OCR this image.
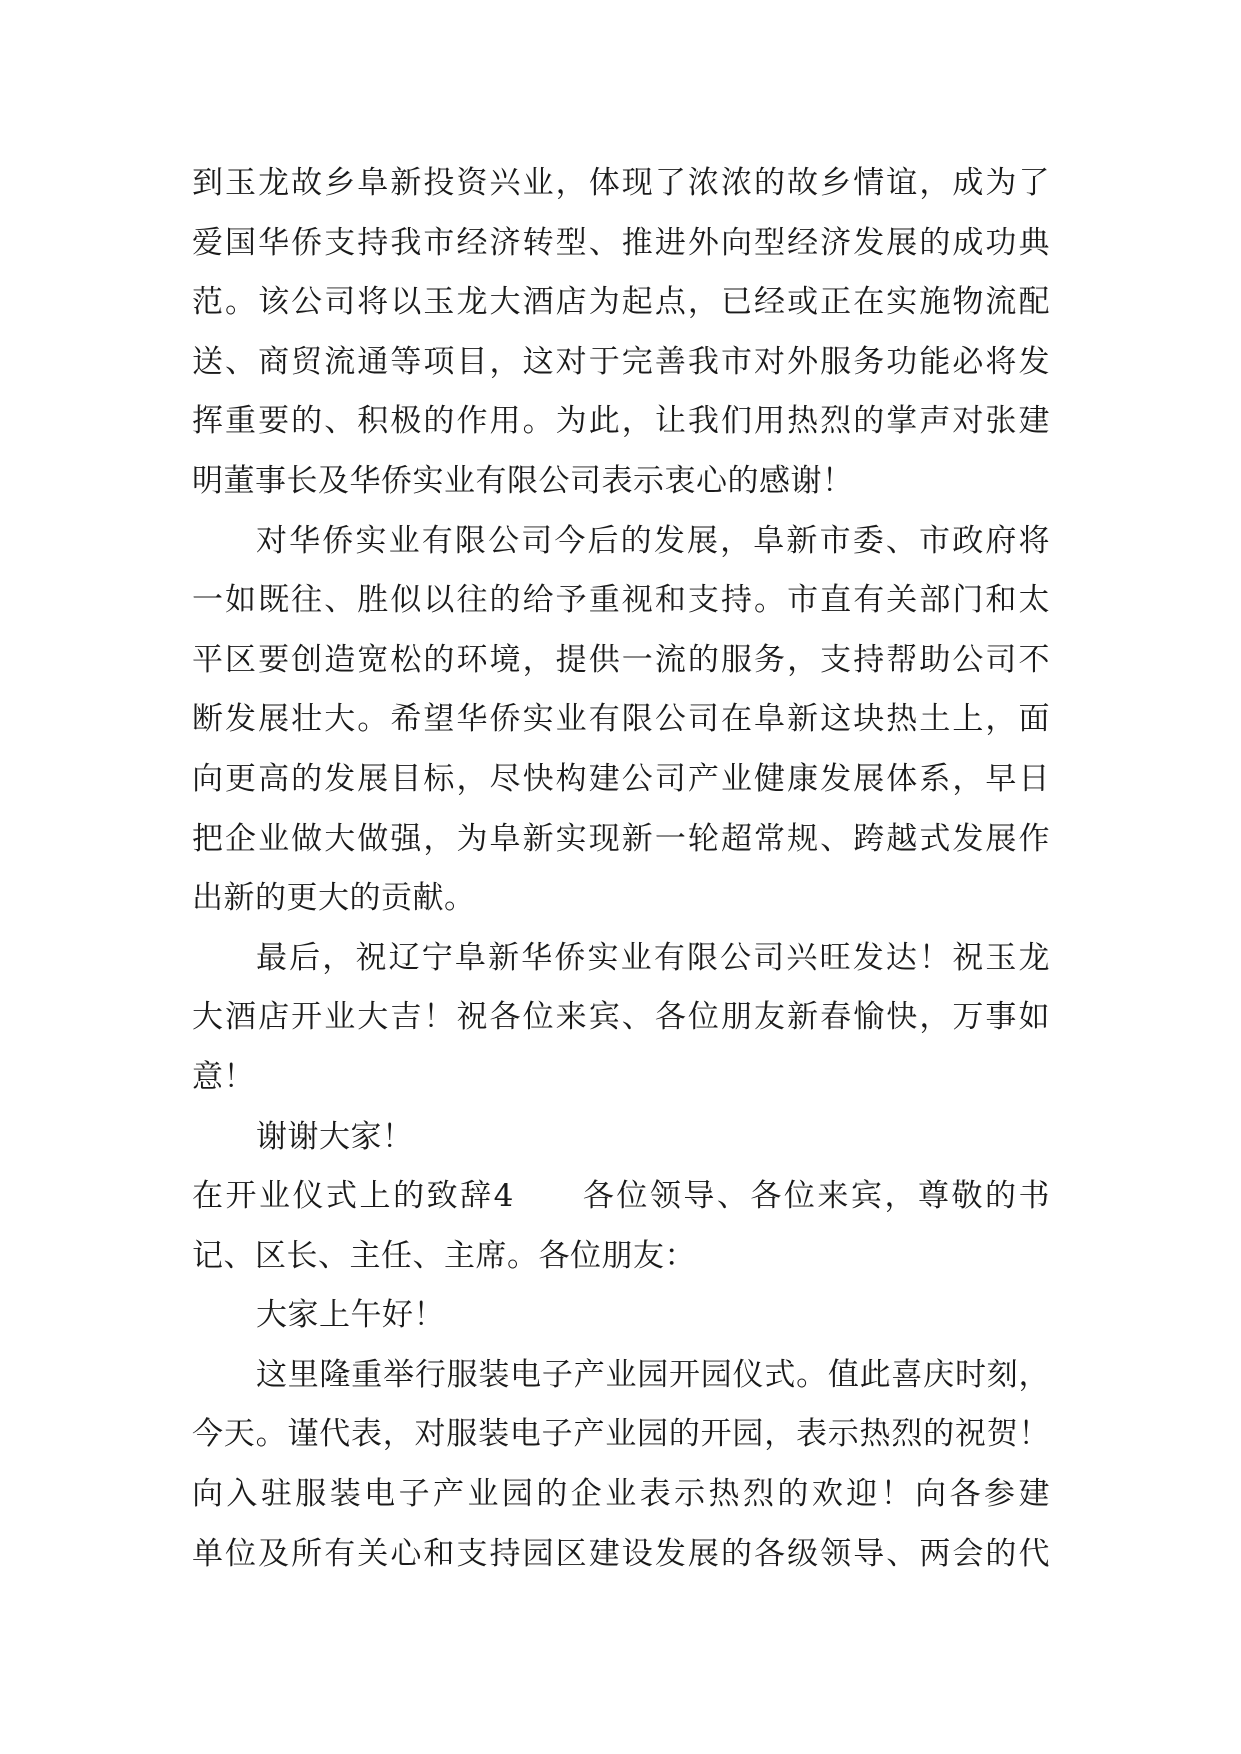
到玉龙故乡阜新投资兴业，体现了浓浓的故乡情谊，成为了
爱国华侨支持我市经济转型、推进外向型经济发展的成功典
范。该公司将以玉龙大酒店为起点，已经或正在实施物流配
送、商贸流通等项目，这对于完善我市对外服务功能必将发
挥重要的、积极的作用。为此，让我们用热烈的掌声对张建
明董事长及华侨实业有限公司表示衷心的感谢！
对华侨实业有限公司今后的发展，阜新市委、市政府将
一如既往、胜似以往的给予重视和支持。市直有关部门和太
平区要创造宽松的环境，提供一流的服务，支持帮助公司不
断发展壮大。希望华侨实业有限公司在阜新这块热土上，面
向更高的发展目标，尽快构建公司产业健康发展体系，早日
把企业做大做强，为阜新实现新一轮超常规、跨越式发展作
出新的更大的贡献。
最后，祝辽宁阜新华侨实业有限公司兴旺发达！祝玉龙
大酒店开业大吉！祝各位来宾、各位朋友新春愉快，万事如
意！
谢谢大家！
在开业仪式上的致辞4　　各位领导、各位来宾，尊敬的书
记、区长、主任、主席。各位朋友：
大家上午好！
这里隆重举行服装电子产业园开园仪式。值此喜庆时刻，
今天。谨代表，对服装电子产业园的开园，表示热烈的祝贺！
向入驻服装电子产业园的企业表示热烈的欢迎！向各参建
单位及所有关心和支持园区建设发展的各级领导、两会的代
